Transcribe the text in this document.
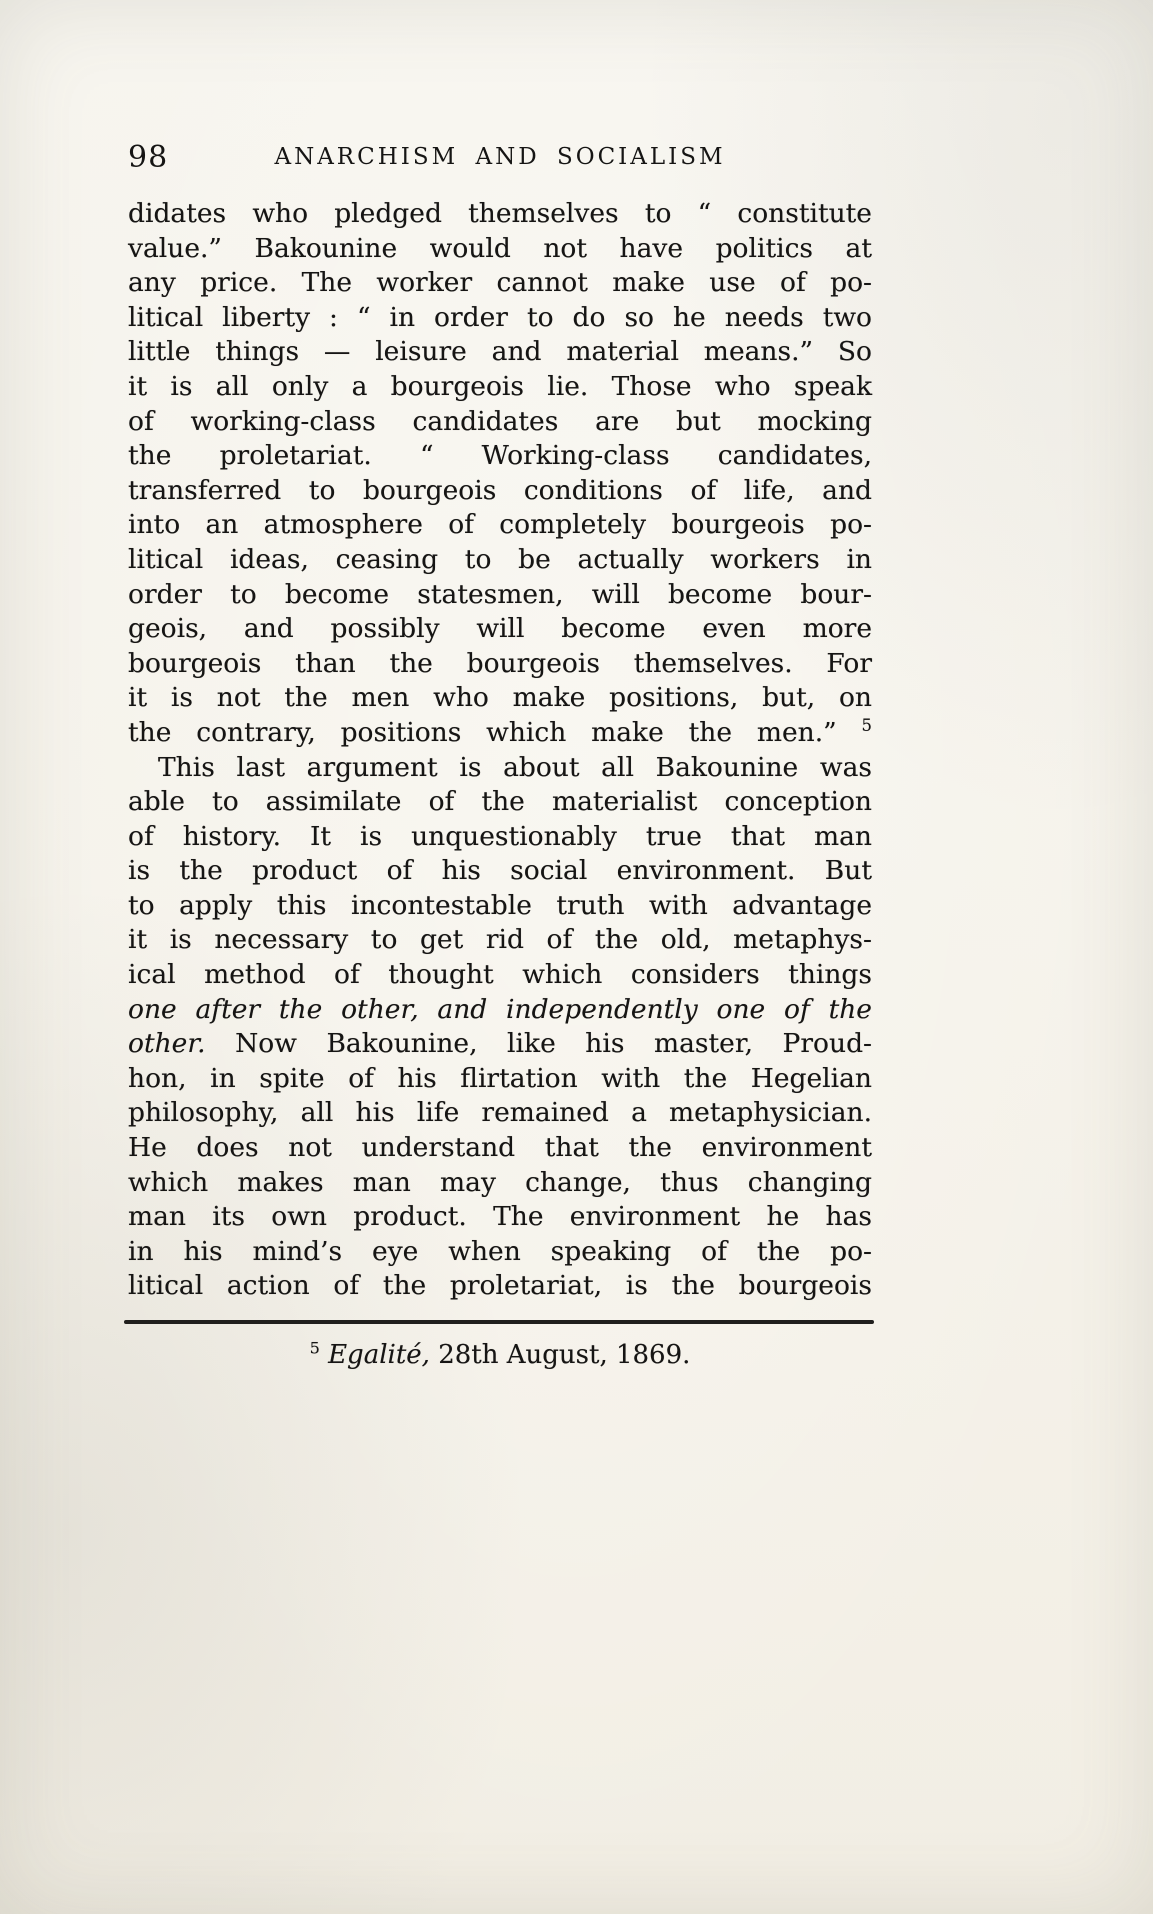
98	ANARCHISM AND SOCIALISM
didates who pledged themselves to “ constitute
value.” Bakounine would not have politics at
any price. The worker cannot make use of po-
litical liberty : “ in order to do so he needs two
little things — leisure and material means.” So
it is all only a bourgeois lie. Those who speak
of working-class candidates are but mocking
the proletariat. “ Working-class candidates,
transferred to bourgeois conditions of life, and
into an atmosphere of completely bourgeois po-
litical ideas, ceasing to be actually workers in
order to become statesmen, will become bour-
geois, and possibly will become even more
bourgeois than the bourgeois themselves. For
it is not the men who make positions, but, on
the contrary, positions which make the men.” $^5$
This last argument is about all Bakounine was
able to assimilate of the materialist conception
of history. It is unquestionably true that man
is the product of his social environment. But
to apply this incontestable truth with advantage
it is necessary to get rid of the old, metaphys-
ical method of thought which considers things
one after the other, and independently one of the
other. Now Bakounine, like his master, Proud-
hon, in spite of his flirtation with the Hegelian
philosophy, all his life remained a metaphysician.
He does not understand that the environment
which makes man may change, thus changing
man its own product. The environment he has
in his mind’s eye when speaking of the po-
litical action of the proletariat, is the bourgeois
$^5$ Egalité, 28th August, 1869.
